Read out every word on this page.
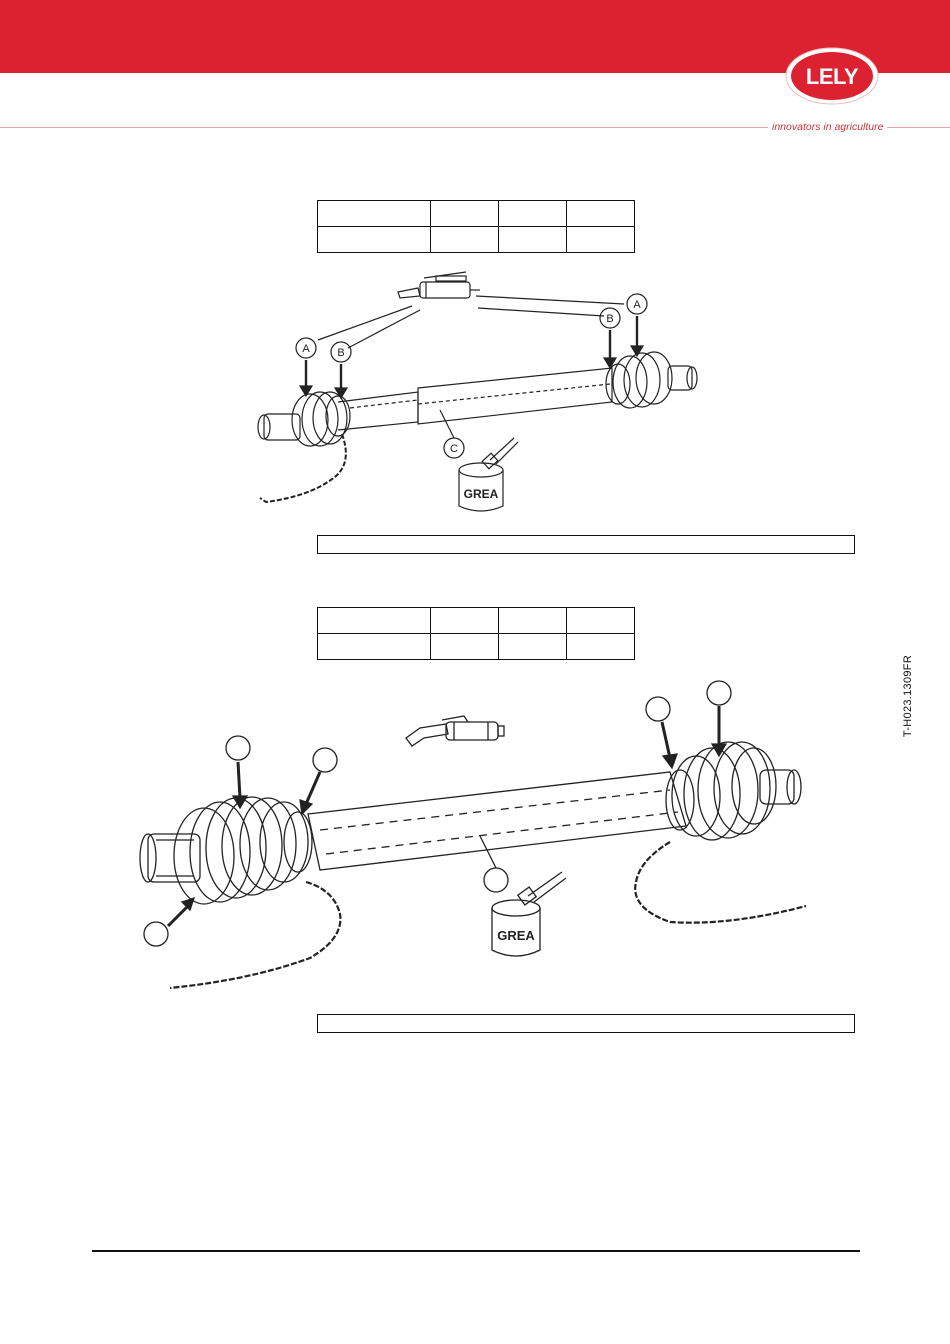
LELY
innovators in agriculture

A	B
A
B
C
GREA

GREA
T-H023.1309FR
